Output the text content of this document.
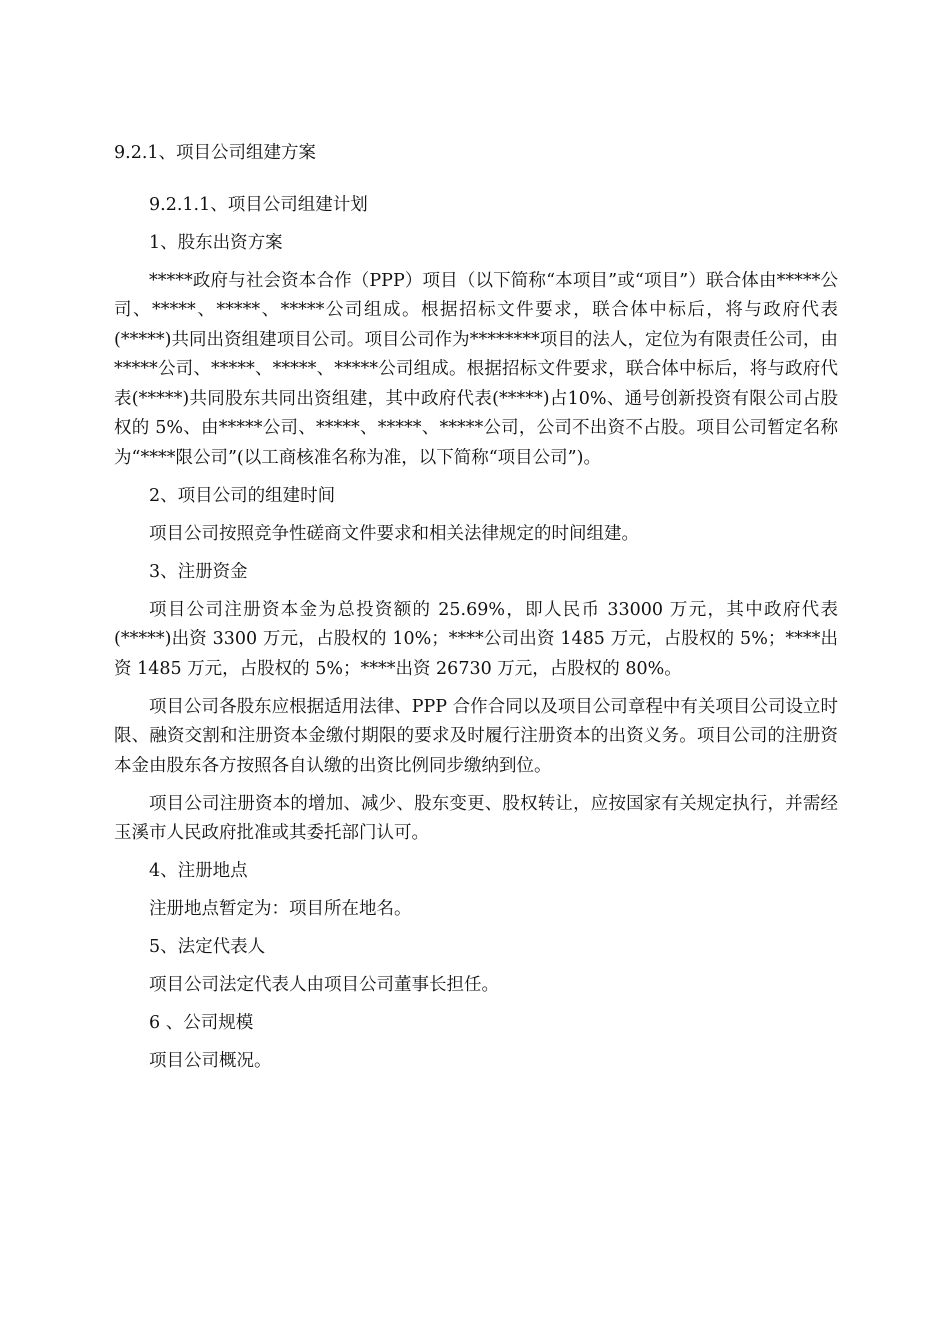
9.2.1、项目公司组建方案
9.2.1.1、项目公司组建计划
1、股东出资方案
*****政府与社会资本合作（PPP）项目（以下简称“本项目”或“项目”）联合体由*****公司、*****、*****、*****公司组成。根据招标文件要求，联合体中标后，将与政府代表(*****)共同出资组建项目公司。项目公司作为********项目的法人，定位为有限责任公司，由*****公司、*****、*****、*****公司组成。根据招标文件要求，联合体中标后，将与政府代表(*****)共同股东共同出资组建，其中政府代表(*****)占10%、通号创新投资有限公司占股权的 5%、由*****公司、*****、*****、*****公司，公司不出资不占股。项目公司暂定名称为“****限公司”(以工商核准名称为准，以下简称“项目公司”)。
2、项目公司的组建时间
项目公司按照竞争性磋商文件要求和相关法律规定的时间组建。
3、注册资金
项目公司注册资本金为总投资额的 25.69%，即人民币 33000 万元，其中政府代表(*****)出资 3300 万元，占股权的 10%；****公司出资 1485 万元，占股权的 5%；****出资 1485 万元，占股权的 5%；****出资 26730 万元，占股权的 80%。
项目公司各股东应根据适用法律、PPP 合作合同以及项目公司章程中有关项目公司设立时限、融资交割和注册资本金缴付期限的要求及时履行注册资本的出资义务。项目公司的注册资本金由股东各方按照各自认缴的出资比例同步缴纳到位。
项目公司注册资本的增加、减少、股东变更、股权转让，应按国家有关规定执行，并需经玉溪市人民政府批准或其委托部门认可。
4、注册地点
注册地点暂定为：项目所在地名。
5、法定代表人
项目公司法定代表人由项目公司董事长担任。
6 、公司规模
项目公司概况。
